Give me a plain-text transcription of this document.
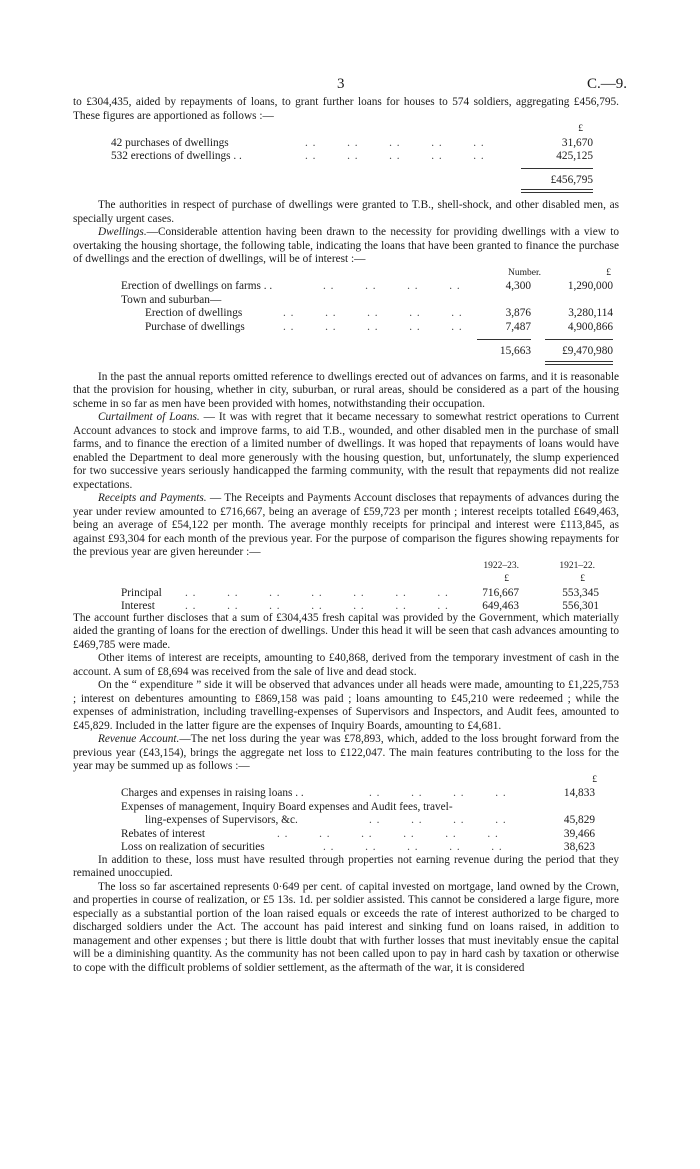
3	C.—9.

to £304,435, aided by repayments of loans, to grant further loans for houses to 574 soldiers, aggregating £456,795. These figures are apportioned as follows :—

£
42 purchases of dwellings	. .        . .        . .        . .        . .	31,670
532 erections of dwellings . .	. .        . .        . .        . .        . .	425,125
£456,795

The authorities in respect of purchase of dwellings were granted to T.B., shell-shock, and other disabled men, as specially urgent cases.

Dwellings.—Considerable attention having been drawn to the necessity for providing dwellings with a view to overtaking the housing shortage, the following table, indicating the loans that have been granted to finance the purchase of dwellings and the erection of dwellings, will be of interest :—

Number.	£
Erection of dwellings on farms . .	. .        . .        . .        . .	4,300	1,290,000
Town and suburban—
Erection of dwellings	. .        . .        . .        . .        . .	3,876	3,280,114
Purchase of dwellings	. .        . .        . .        . .        . .	7,487	4,900,866
15,663	£9,470,980

In the past the annual reports omitted reference to dwellings erected out of advances on farms, and it is reasonable that the provision for housing, whether in city, suburban, or rural areas, should be considered as a part of the housing scheme in so far as men have been provided with homes, notwithstanding their occupation.

Curtailment of Loans. — It was with regret that it became necessary to somewhat restrict operations to Current Account advances to stock and improve farms, to aid T.B., wounded, and other disabled men in the purchase of small farms, and to finance the erection of a limited number of dwellings. It was hoped that repayments of loans would have enabled the Department to deal more generously with the housing question, but, unfortunately, the slump experienced for two successive years seriously handicapped the farming community, with the result that repayments did not realize expectations.

Receipts and Payments. — The Receipts and Payments Account discloses that repayments of advances during the year under review amounted to £716,667, being an average of £59,723 per month ; interest receipts totalled £649,463, being an average of £54,122 per month. The average monthly receipts for principal and interest were £113,845, as against £93,304 for each month of the previous year. For the purpose of comparison the figures showing repayments for the previous year are given hereunder :—

1922–23.	1921–22.
£	£
Principal . .        . .        . .        . .        . .        . .        . .	716,667	553,345
Interest	. .        . .        . .        . .        . .        . .        . .	649,463	556,301

The account further discloses that a sum of £304,435 fresh capital was provided by the Government, which materially aided the granting of loans for the erection of dwellings. Under this head it will be seen that cash advances amounting to £469,785 were made.

Other items of interest are receipts, amounting to £40,868, derived from the temporary investment of cash in the account. A sum of £8,694 was received from the sale of live and dead stock.

On the “ expenditure ” side it will be observed that advances under all heads were made, amounting to £1,225,753 ; interest on debentures amounting to £869,158 was paid ; loans amounting to £45,210 were redeemed ; while the expenses of administration, including travelling-expenses of Supervisors and Inspectors, and Audit fees, amounted to £45,829. Included in the latter figure are the expenses of Inquiry Boards, amounting to £4,681.

Revenue Account.—The net loss during the year was £78,893, which, added to the loss brought forward from the previous year (£43,154), brings the aggregate net loss to £122,047. The main features contributing to the loss for the year may be summed up as follows :—

£
Charges and expenses in raising loans . .	. .        . .        . .        . .	14,833
Expenses of management, Inquiry Board expenses and Audit fees, travel-
ling-expenses of Supervisors, &c.	. .        . .        . .        . .	45,829
Rebates of interest	. .        . .        . .        . .        . .        . .	39,466
Loss on realization of securities	. .        . .        . .        . .        . .	38,623

In addition to these, loss must have resulted through properties not earning revenue during the period that they remained unoccupied.

The loss so far ascertained represents 0·649 per cent. of capital invested on mortgage, land owned by the Crown, and properties in course of realization, or £5 13s. 1d. per soldier assisted. This cannot be considered a large figure, more especially as a substantial portion of the loan raised equals or exceeds the rate of interest authorized to be charged to discharged soldiers under the Act. The account has paid interest and sinking fund on loans raised, in addition to management and other expenses ; but there is little doubt that with further losses that must inevitably ensue the capital will be a diminishing quantity. As the community has not been called upon to pay in hard cash by taxation or otherwise to cope with the difficult problems of soldier settlement, as the aftermath of the war, it is considered
